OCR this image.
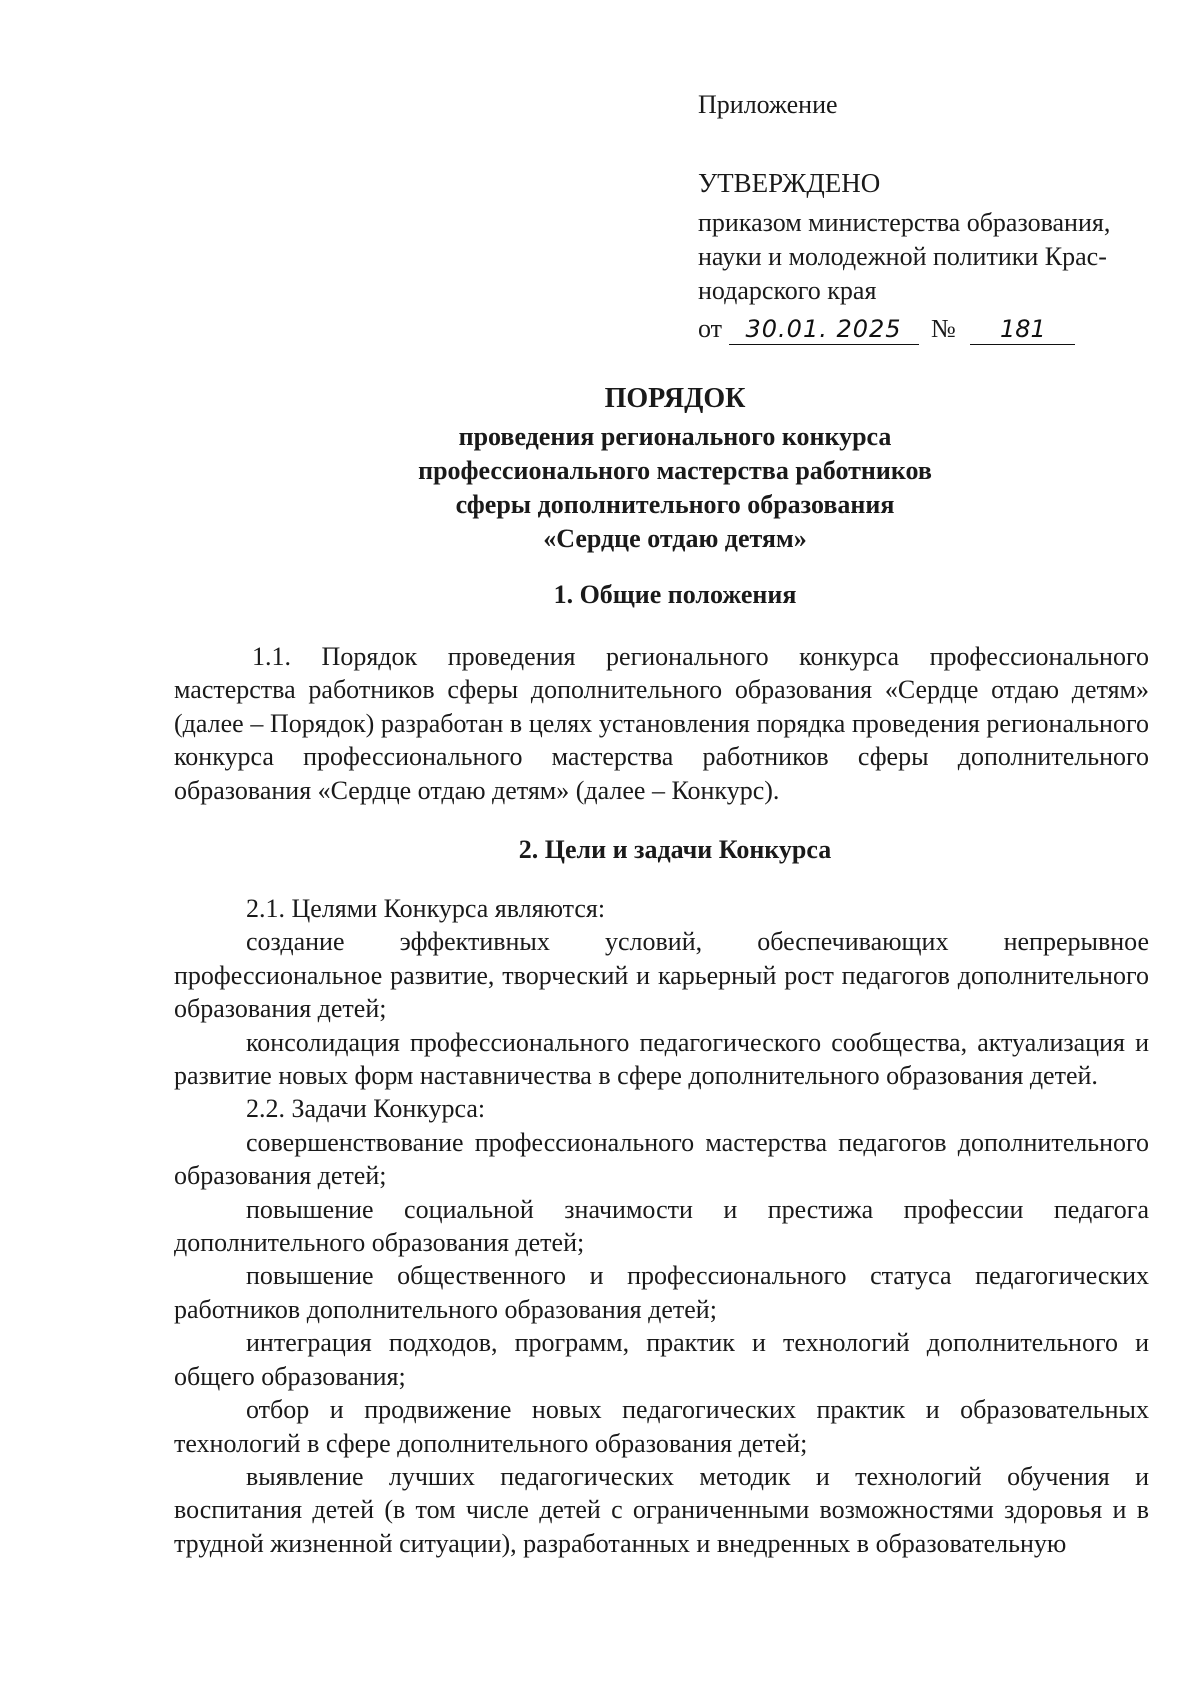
Приложение
УТВЕРЖДЕНО
приказом министерства образования,
науки и молодежной политики Крас-
нодарского края
от 30.01. 2025 № 181
ПОРЯДОК
проведения регионального конкурса
профессионального мастерства работников
сферы дополнительного образования
«Сердце отдаю детям»
1. Общие положения
1.1. Порядок проведения регионального конкурса профессионального мастерства работников сферы дополнительного образования «Сердце отдаю детям» (далее – Порядок) разработан в целях установления порядка проведения регионального конкурса профессионального мастерства работников сферы дополнительного образования «Сердце отдаю детям» (далее – Конкурс).
2. Цели и задачи Конкурса

2.1. Целями Конкурса являются:

создание эффективных условий, обеспечивающих непрерывное профессиональное развитие, творческий и карьерный рост педагогов дополнительного образования детей;

консолидация профессионального педагогического сообщества, актуализация и развитие новых форм наставничества в сфере дополнительного образования детей.

2.2. Задачи Конкурса:

совершенствование профессионального мастерства педагогов дополнительного образования детей;

повышение социальной значимости и престижа профессии педагога дополнительного образования детей;

повышение общественного и профессионального статуса педагогических работников дополнительного образования детей;

интеграция подходов, программ, практик и технологий дополнительного и общего образования;

отбор и продвижение новых педагогических практик и образовательных технологий в сфере дополнительного образования детей;

выявление лучших педагогических методик и технологий обучения и воспитания детей (в том числе детей с ограниченными возможностями здоровья и в трудной жизненной ситуации), разработанных и внедренных в образовательную
